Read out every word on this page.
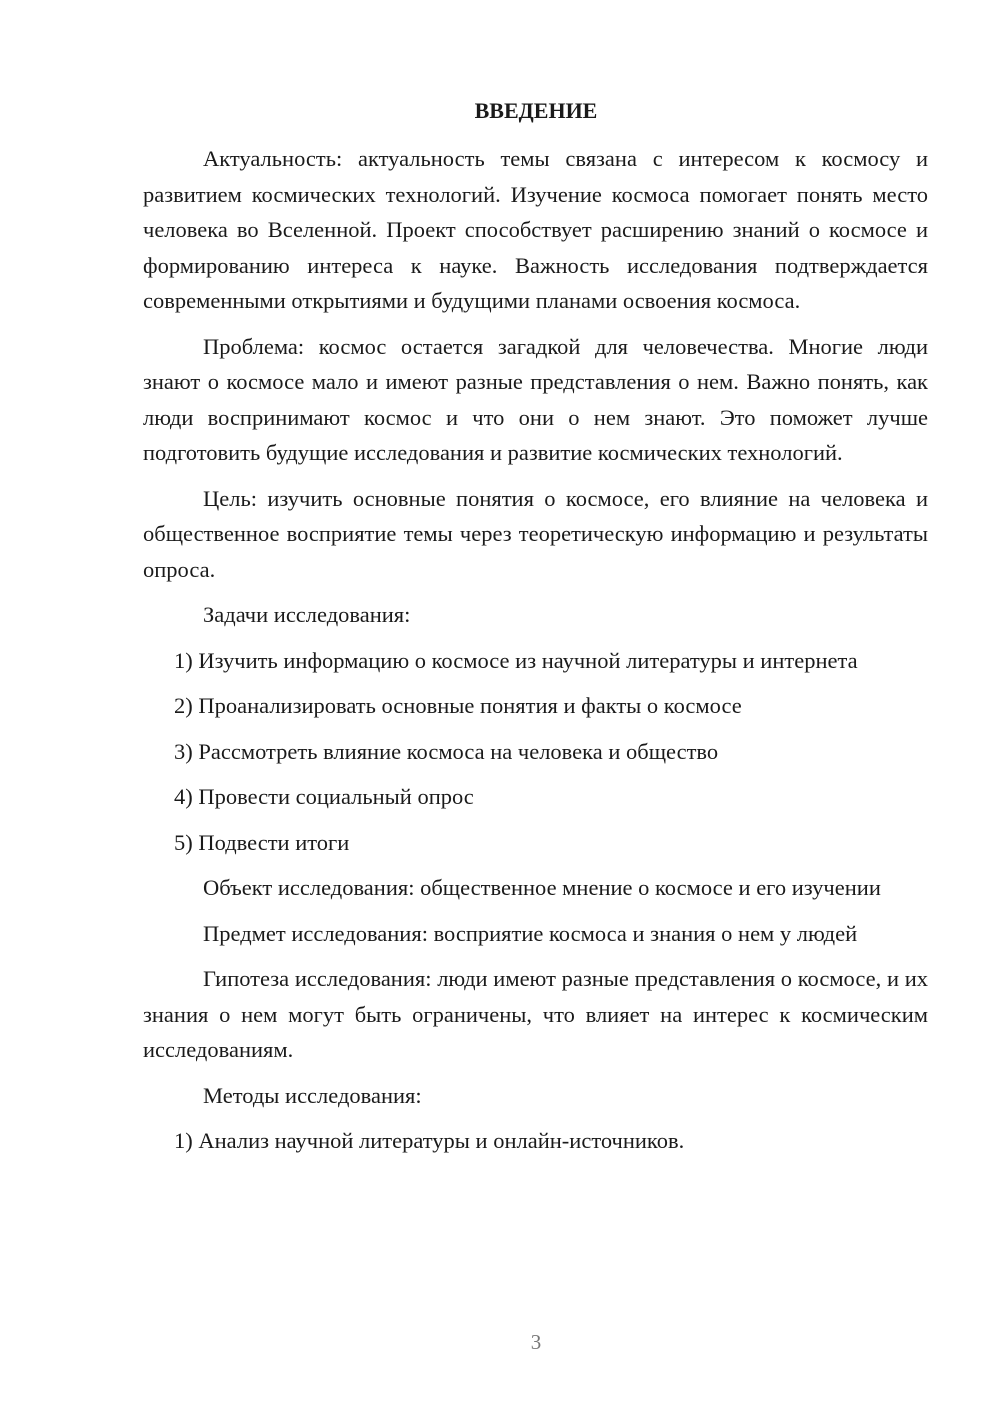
ВВЕДЕНИЕ

Актуальность: актуальность темы связана с интересом к космосу и развитием космических технологий. Изучение космоса помогает понять место человека во Вселенной. Проект способствует расширению знаний о космосе и формированию интереса к науке. Важность исследования подтверждается современными открытиями и будущими планами освоения космоса.

Проблема: космос остается загадкой для человечества. Многие люди знают о космосе мало и имеют разные представления о нем. Важно понять, как люди воспринимают космос и что они о нем знают. Это поможет лучше подготовить будущие исследования и развитие космических технологий.

Цель: изучить основные понятия о космосе, его влияние на человека и общественное восприятие темы через теоретическую информацию и результаты опроса.

Задачи исследования:

1) Изучить информацию о космосе из научной литературы и интернета

2) Проанализировать основные понятия и факты о космосе

3) Рассмотреть влияние космоса на человека и общество

4) Провести социальный опрос

5) Подвести итоги

Объект исследования: общественное мнение о космосе и его изучении

Предмет исследования: восприятие космоса и знания о нем у людей

Гипотеза исследования: люди имеют разные представления о космосе, и их знания о нем могут быть ограничены, что влияет на интерес к космическим исследованиям.

Методы исследования:

1) Анализ научной литературы и онлайн-источников.

3
